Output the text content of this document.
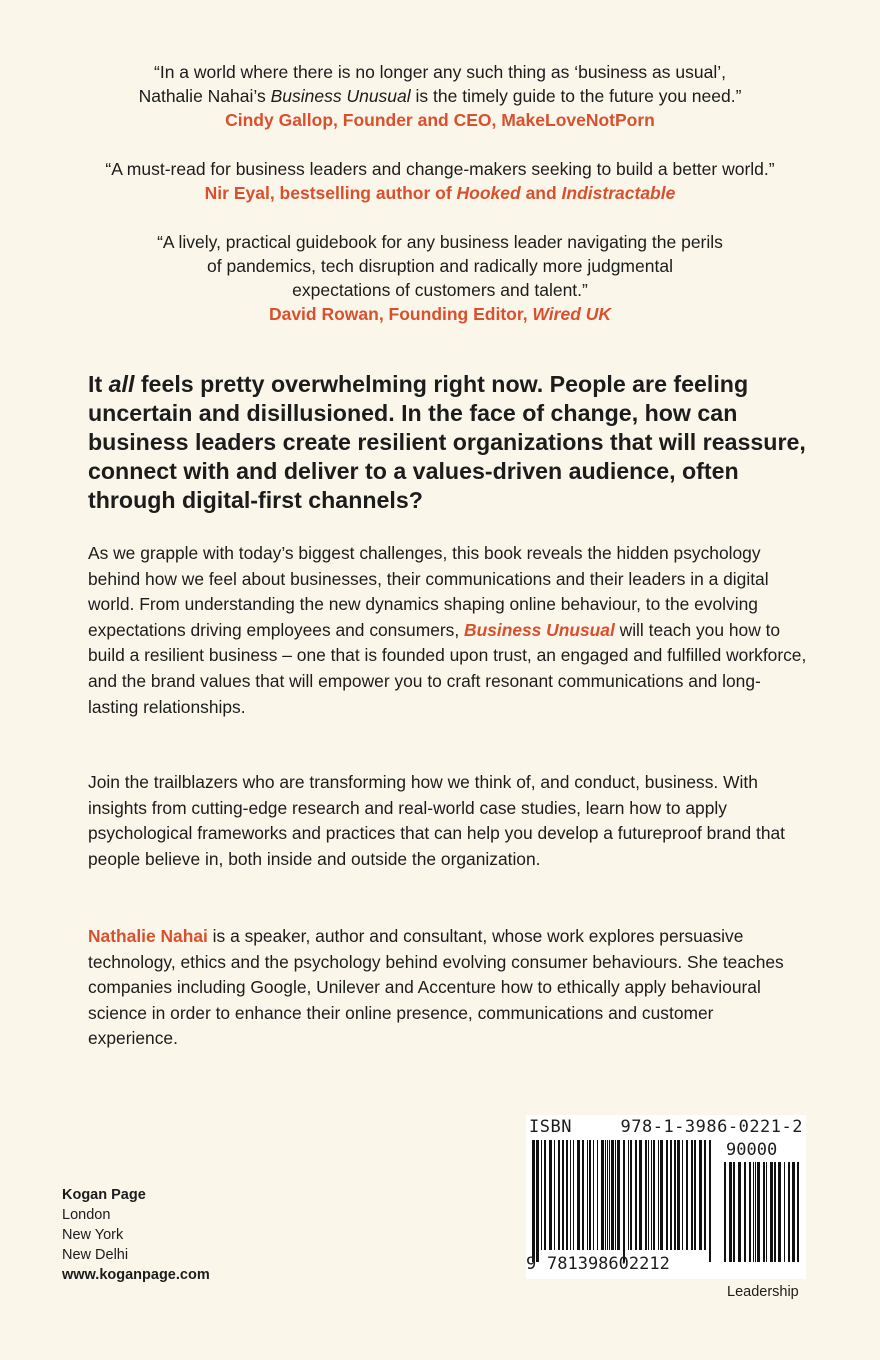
“In a world where there is no longer any such thing as ‘business as usual’,
Nathalie Nahai’s Business Unusual is the timely guide to the future you need.”
Cindy Gallop, Founder and CEO, MakeLoveNotPorn
“A must-read for business leaders and change-makers seeking to build a better world.”
Nir Eyal, bestselling author of Hooked and Indistractable
“A lively, practical guidebook for any business leader navigating the perils
of pandemics, tech disruption and radically more judgmental
expectations of customers and talent.”
David Rowan, Founding Editor, Wired UK

It all feels pretty overwhelming right now. People are feeling uncertain and disillusioned. In the face of change, how can business leaders create resilient organizations that will reassure, connect with and deliver to a values-driven audience, often through digital-first channels?

As we grapple with today’s biggest challenges, this book reveals the hidden psychology behind how we feel about businesses, their communications and their leaders in a digital world. From understanding the new dynamics shaping online behaviour, to the evolving expectations driving employees and consumers, Business Unusual will teach you how to build a resilient business – one that is founded upon trust, an engaged and fulfilled workforce, and the brand values that will empower you to craft resonant communications and long-lasting relationships.

Join the trailblazers who are transforming how we think of, and conduct, business. With insights from cutting-edge research and real-world case studies, learn how to apply psychological frameworks and practices that can help you develop a futureproof brand that people believe in, both inside and outside the organization.

Nathalie Nahai is a speaker, author and consultant, whose work explores persuasive technology, ethics and the psychology behind evolving consumer behaviours. She teaches companies including Google, Unilever and Accenture how to ethically apply behavioural science in order to enhance their online presence, communications and customer experience.

Kogan Page
London
New York
New Delhi
www.koganpage.com
ISBN 978-1-3986-0221-2
90000
9 781398602212
Leadership
